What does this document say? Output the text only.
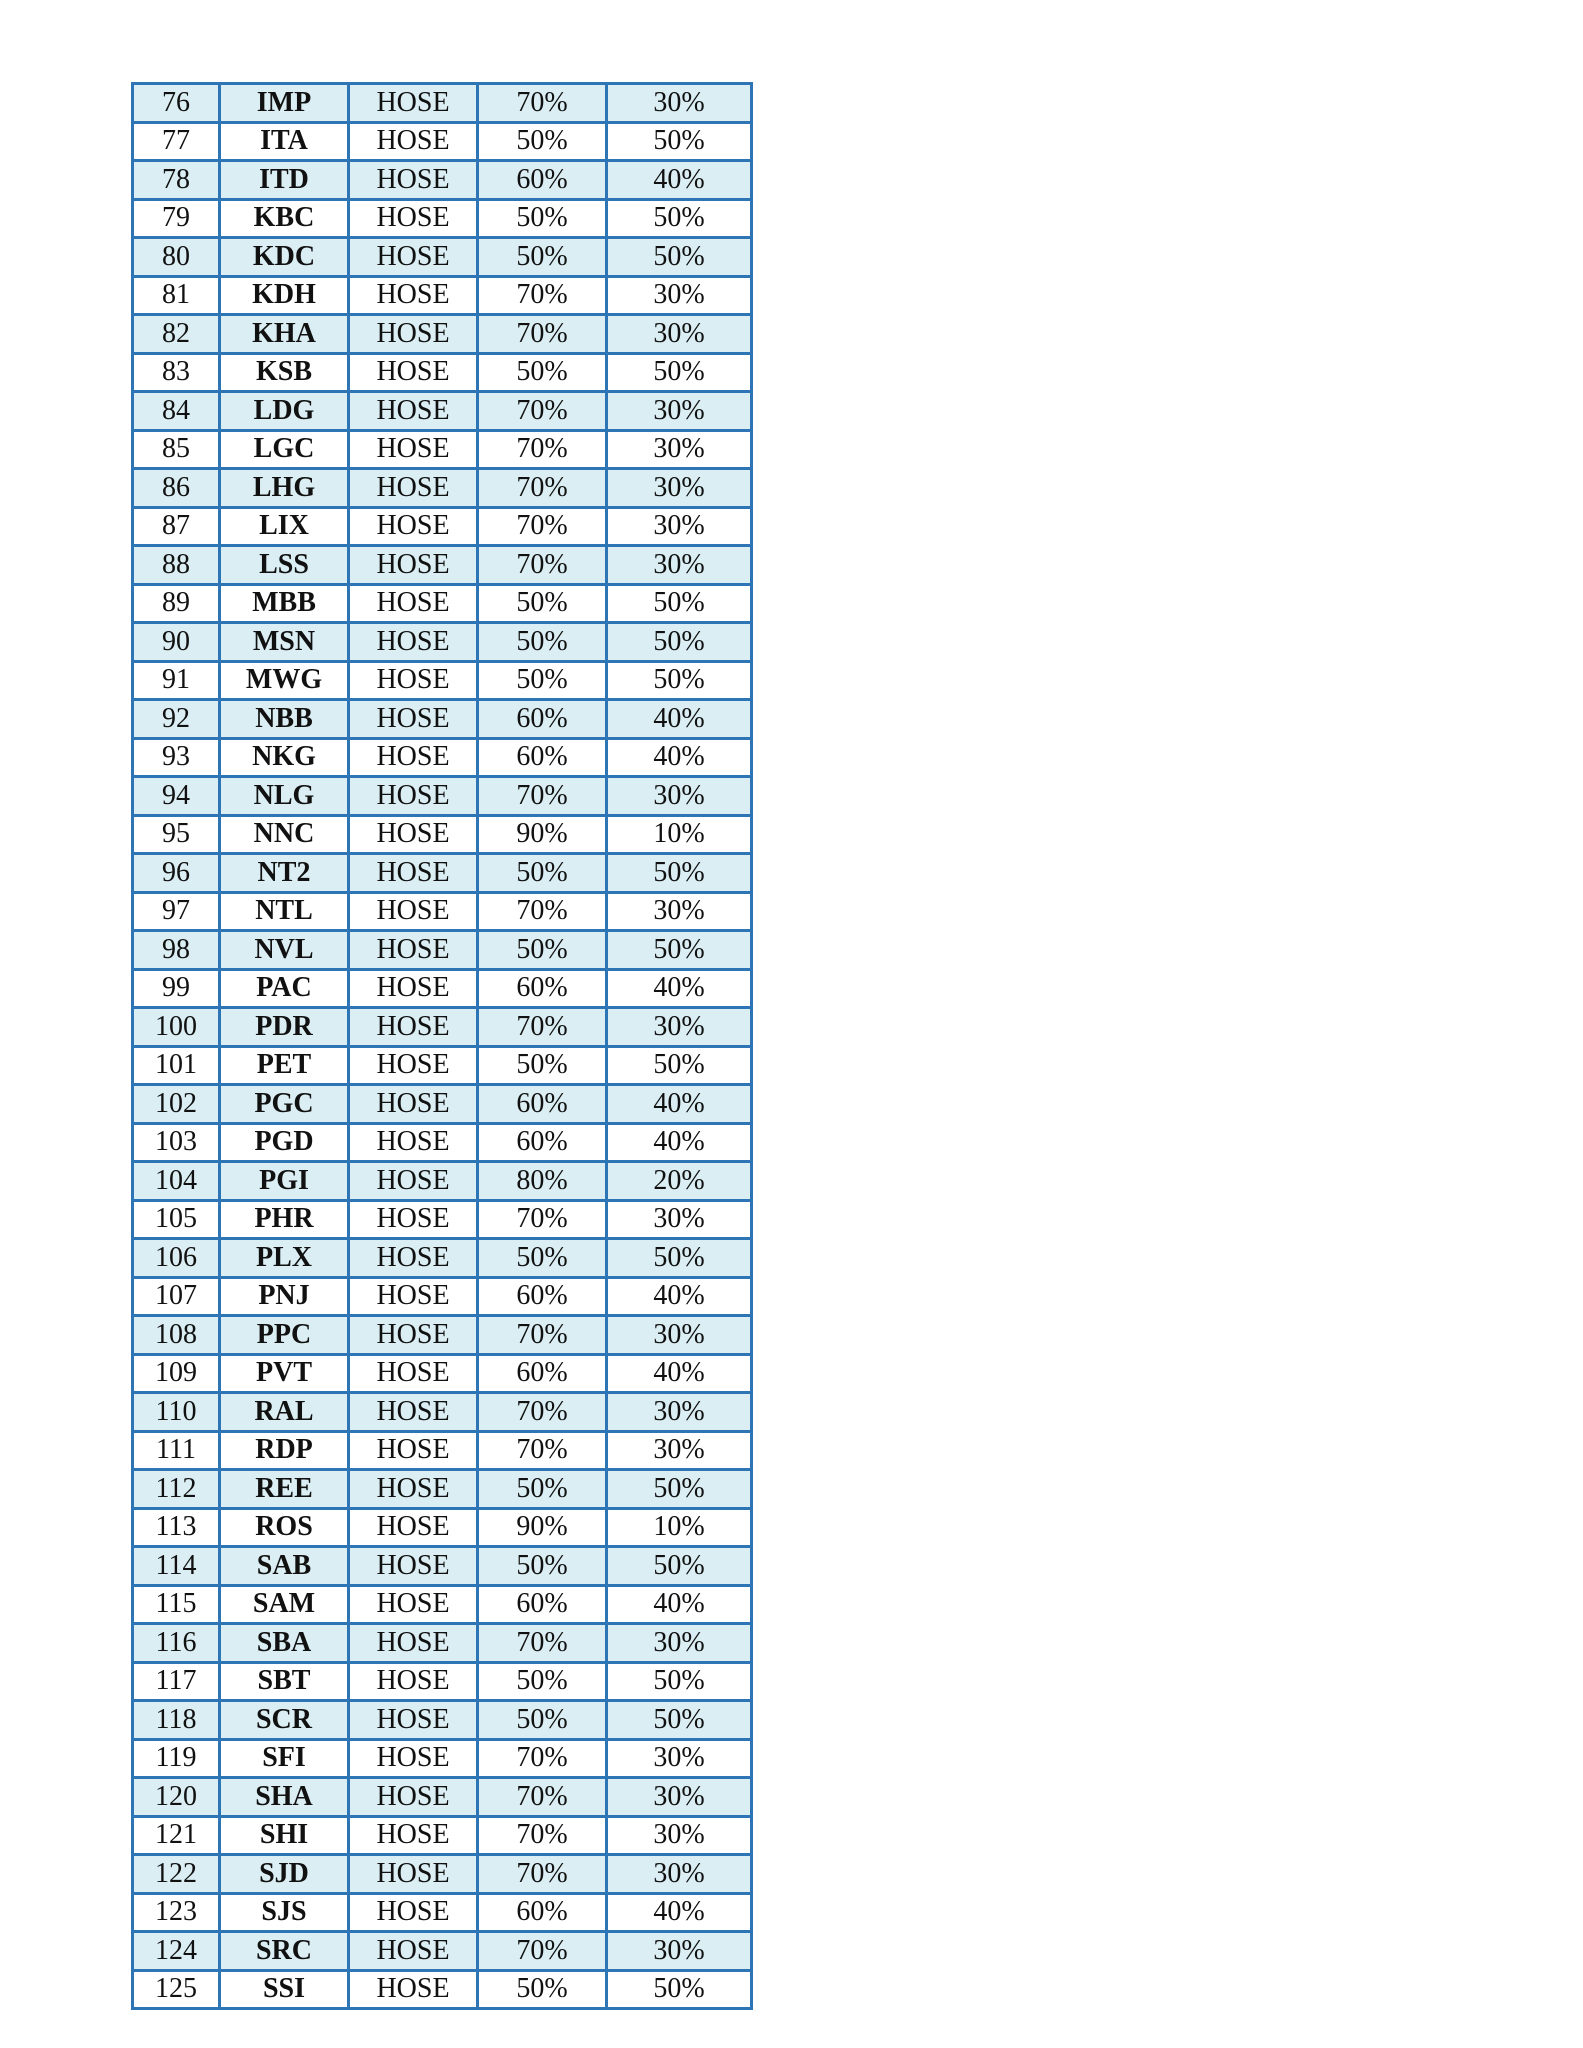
76	IMP	HOSE	70%	30%
77	ITA	HOSE	50%	50%
78	ITD	HOSE	60%	40%
79	KBC	HOSE	50%	50%
80	KDC	HOSE	50%	50%
81	KDH	HOSE	70%	30%
82	KHA	HOSE	70%	30%
83	KSB	HOSE	50%	50%
84	LDG	HOSE	70%	30%
85	LGC	HOSE	70%	30%
86	LHG	HOSE	70%	30%
87	LIX	HOSE	70%	30%
88	LSS	HOSE	70%	30%
89	MBB	HOSE	50%	50%
90	MSN	HOSE	50%	50%
91	MWG	HOSE	50%	50%
92	NBB	HOSE	60%	40%
93	NKG	HOSE	60%	40%
94	NLG	HOSE	70%	30%
95	NNC	HOSE	90%	10%
96	NT2	HOSE	50%	50%
97	NTL	HOSE	70%	30%
98	NVL	HOSE	50%	50%
99	PAC	HOSE	60%	40%
100	PDR	HOSE	70%	30%
101	PET	HOSE	50%	50%
102	PGC	HOSE	60%	40%
103	PGD	HOSE	60%	40%
104	PGI	HOSE	80%	20%
105	PHR	HOSE	70%	30%
106	PLX	HOSE	50%	50%
107	PNJ	HOSE	60%	40%
108	PPC	HOSE	70%	30%
109	PVT	HOSE	60%	40%
110	RAL	HOSE	70%	30%
111	RDP	HOSE	70%	30%
112	REE	HOSE	50%	50%
113	ROS	HOSE	90%	10%
114	SAB	HOSE	50%	50%
115	SAM	HOSE	60%	40%
116	SBA	HOSE	70%	30%
117	SBT	HOSE	50%	50%
118	SCR	HOSE	50%	50%
119	SFI	HOSE	70%	30%
120	SHA	HOSE	70%	30%
121	SHI	HOSE	70%	30%
122	SJD	HOSE	70%	30%
123	SJS	HOSE	60%	40%
124	SRC	HOSE	70%	30%
125	SSI	HOSE	50%	50%
